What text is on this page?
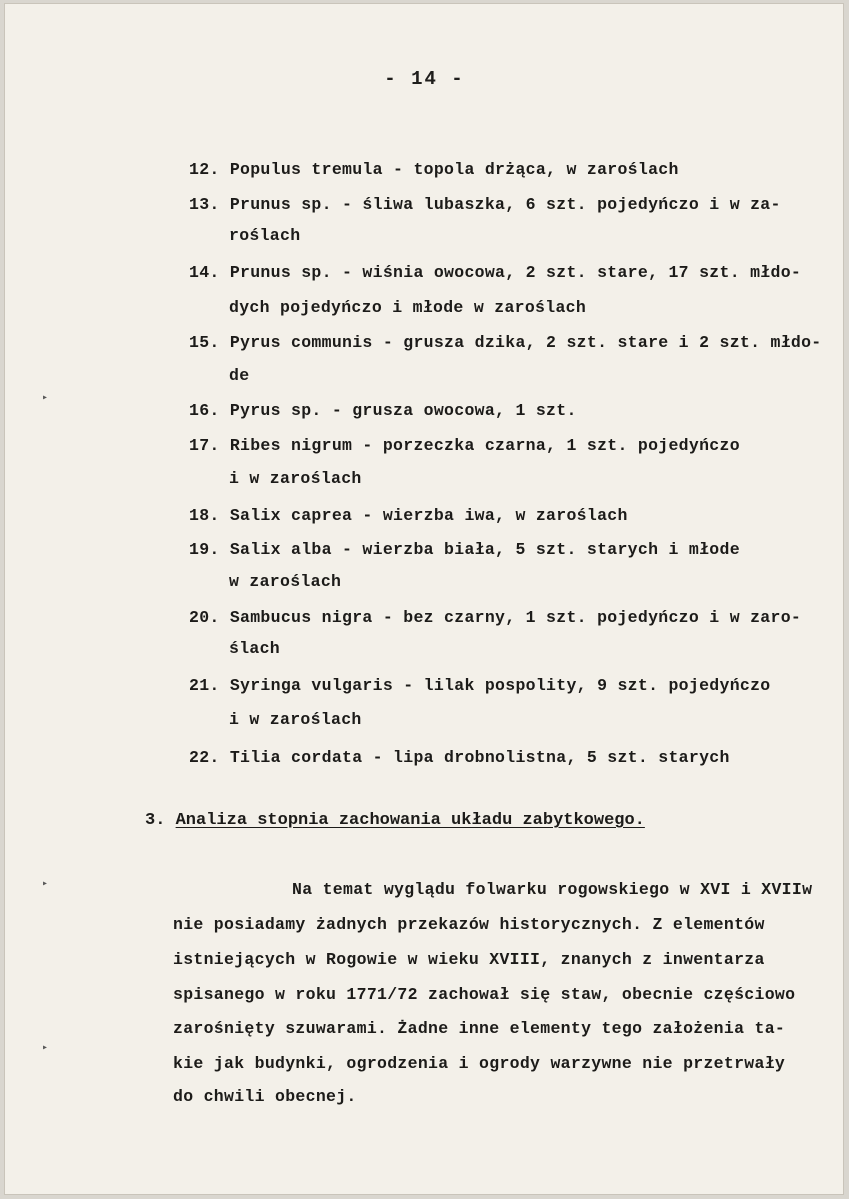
- 14 -
12. Populus tremula - topola drżąca, w zaroślach
13. Prunus sp. - śliwa lubaszka, 6 szt. pojedyńczo i w za-
roślach
14. Prunus sp. - wiśnia owocowa, 2 szt. stare, 17 szt. młdo-
dych pojedyńczo i młode w zaroślach
15. Pyrus communis - grusza dzika, 2 szt. stare i 2 szt. młdo-
de
16. Pyrus sp. - grusza owocowa, 1 szt.
17. Ribes nigrum - porzeczka czarna, 1 szt. pojedyńczo
i w zaroślach
18. Salix caprea - wierzba iwa, w zaroślach
19. Salix alba - wierzba biała, 5 szt. starych i młode
w zaroślach
20. Sambucus nigra - bez czarny, 1 szt. pojedyńczo i w zaro-
ślach
21. Syringa vulgaris - lilak pospolity, 9 szt. pojedyńczo
i w zaroślach
22. Tilia cordata - lipa drobnolistna, 5 szt. starych
3. Analiza stopnia zachowania układu zabytkowego.
Na temat wyglądu folwarku rogowskiego w XVI i XVIIw
nie posiadamy żadnych przekazów historycznych. Z elementów
istniejących w Rogowie w wieku XVIII, znanych z inwentarza
spisanego w roku 1771/72 zachował się staw, obecnie częściowo
zarośnięty szuwarami. Żadne inne elementy tego założenia ta-
kie jak budynki, ogrodzenia i ogrody warzywne nie przetrwały
do chwili obecnej.
▸
▸
▸
